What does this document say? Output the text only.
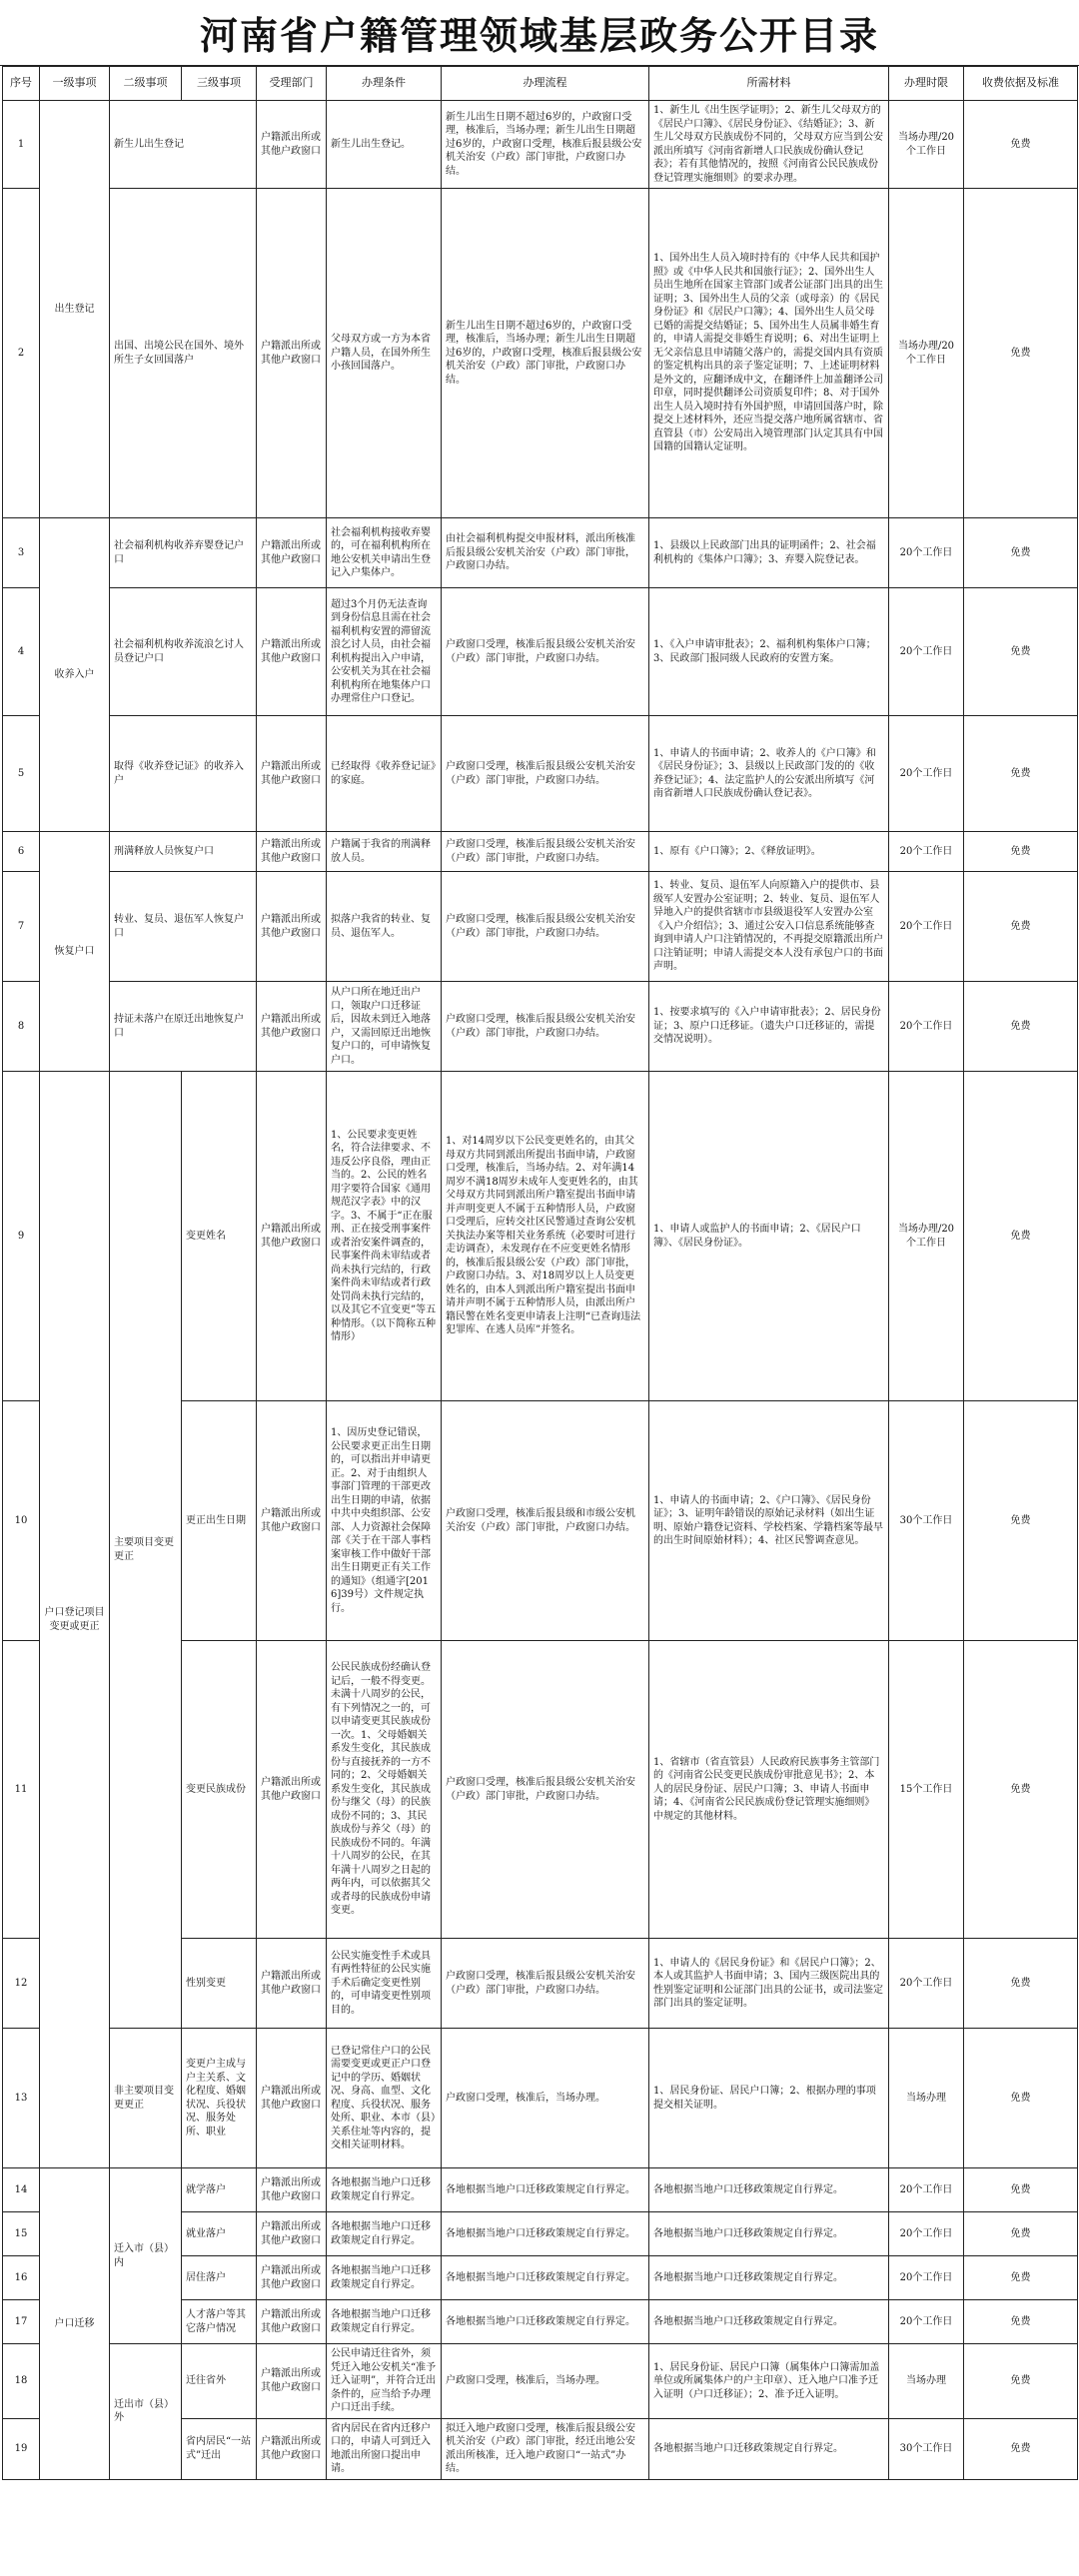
河南省户籍管理领域基层政务公开目录
序号	一级事项	二级事项	三级事项	受理部门	办理条件	办理流程	所需材料	办理时限	收费依据及标准
1	出生登记	新生儿出生登记		户籍派出所或其他户政窗口	新生儿出生登记。	新生儿出生日期不超过6岁的，户政窗口受理，核准后，当场办理；新生儿出生日期超过6岁的，户政窗口受理，核准后报县级公安机关治安（户政）部门审批，户政窗口办结。	1、新生儿《出生医学证明》；2、新生儿父母双方的《居民户口簿》、《居民身份证》、《结婚证》；3、新生儿父母双方民族成份不同的，父母双方应当到公安派出所填写《河南省新增人口民族成份确认登记表》；若有其他情况的，按照《河南省公民民族成份登记管理实施细则》的要求办理。	当场办理/20个工作日	免费
2		出国、出境公民在国外、境外所生子女回国落户		户籍派出所或其他户政窗口	父母双方或一方为本省户籍人员，在国外所生小孩回国落户。	新生儿出生日期不超过6岁的，户政窗口受理，核准后，当场办理；新生儿出生日期超过6岁的，户政窗口受理，核准后报县级公安机关治安（户政）部门审批，户政窗口办结。	1、国外出生人员入境时持有的《中华人民共和国护照》或《中华人民共和国旅行证》；2、国外出生人员出生地所在国家主管部门或者公证部门出具的出生证明；3、国外出生人员的父亲（或母亲）的《居民身份证》和《居民户口簿》；4、国外出生人员父母已婚的需提交结婚证；5、国外出生人员属非婚生育的，申请人需提交非婚生育说明；6、对出生证明上无父亲信息且申请随父落户的，需提交国内具有资质的鉴定机构出具的亲子鉴定证明；7、上述证明材料是外文的，应翻译成中文，在翻译件上加盖翻译公司印章，同时提供翻译公司资质复印件；8、对于国外出生人员入境时持有外国护照，申请回国落户时，除提交上述材料外，还应当提交落户地所属省辖市、省直管县（市）公安局出入境管理部门认定其具有中国国籍的国籍认定证明。	当场办理/20个工作日	免费
3	收养入户	社会福利机构收养弃婴登记户口		户籍派出所或其他户政窗口	社会福利机构接收弃婴的，可在福利机构所在地公安机关申请出生登记入户集体户。	由社会福利机构提交申报材料，派出所核准后报县级公安机关治安（户政）部门审批，户政窗口办结。	1、县级以上民政部门出具的证明函件；2、社会福利机构的《集体户口簿》；3、弃婴入院登记表。	20个工作日	免费
4		社会福利机构收养流浪乞讨人员登记户口		户籍派出所或其他户政窗口	超过3个月仍无法查询到身份信息且需在社会福利机构安置的滞留流浪乞讨人员，由社会福利机构提出入户申请，公安机关为其在社会福利机构所在地集体户口办理常住户口登记。	户政窗口受理，核准后报县级公安机关治安（户政）部门审批，户政窗口办结。	1、《入户申请审批表》；2、福利机构集体户口簿；3、民政部门报同级人民政府的安置方案。	20个工作日	免费
5		取得《收养登记证》的收养入户		户籍派出所或其他户政窗口	已经取得《收养登记证》的家庭。	户政窗口受理，核准后报县级公安机关治安（户政）部门审批，户政窗口办结。	1、申请人的书面申请；2、收养人的《户口簿》和《居民身份证》；3、县级以上民政部门发的的《收养登记证》；4、法定监护人的公安派出所填写《河南省新增人口民族成份确认登记表》。	20个工作日	免费
6	恢复户口	刑满释放人员恢复户口		户籍派出所或其他户政窗口	户籍属于我省的刑满释放人员。	户政窗口受理，核准后报县级公安机关治安（户政）部门审批，户政窗口办结。	1、原有《户口簿》；2、《释放证明》。	20个工作日	免费
7		转业、复员、退伍军人恢复户口		户籍派出所或其他户政窗口	拟落户我省的转业、复员、退伍军人。	户政窗口受理，核准后报县级公安机关治安（户政）部门审批，户政窗口办结。	1、转业、复员、退伍军人向原籍入户的提供市、县级军人安置办公室证明；2、转业、复员、退伍军人异地入户的提供省辖市市县级退役军人安置办公室《入户介绍信》；3、通过公安入口信息系统能够查询到申请人户口注销情况的，不再提交原籍派出所户口注销证明；申请人需提交本人没有承包户口的书面声明。	20个工作日	免费
8		持证未落户在原迁出地恢复户口		户籍派出所或其他户政窗口	从户口所在地迁出户口，领取户口迁移证后，因故未到迁入地落户，又需回原迁出地恢复户口的，可申请恢复户口。	户政窗口受理，核准后报县级公安机关治安（户政）部门审批，户政窗口办结。	1、按要求填写的《入户申请审批表》；2、居民身份证；3、原户口迁移证。（遗失户口迁移证的，需提交情况说明）。	20个工作日	免费
9	户口登记项目变更或更正	主要项目变更更正	变更姓名	户籍派出所或其他户政窗口	1、公民要求变更姓名，符合法律要求、不违反公序良俗，理由正当的。2、公民的姓名用字要符合国家《通用规范汉字表》中的汉字。3、不属于“正在服刑、正在接受刑事案件或者治安案件调查的，民事案件尚未审结或者尚未执行完结的，行政案件尚未审结或者行政处罚尚未执行完结的，以及其它不宜变更”等五种情形。（以下简称五种情形）	1、对14周岁以下公民变更姓名的，由其父母双方共同到派出所提出书面申请，户政窗口受理，核准后，当场办结。2、对年满14周岁不满18周岁未成年人变更姓名的，由其父母双方共同到派出所户籍室提出书面申请并声明变更人不属于五种情形人员，户政窗口受理后，应转交社区民警通过查询公安机关执法办案等相关业务系统（必要时可进行走访调查），未发现存在不应变更姓名情形的，核准后报县级公安（户政）部门审批，户政窗口办结。3、对18周岁以上人员变更姓名的，由本人到派出所户籍室提出书面申请并声明不属于五种情形人员，由派出所户籍民警在姓名变更申请表上注明“已查询违法犯罪库、在逃人员库”并签名。	1、申请人或监护人的书面申请；2、《居民户口簿》、《居民身份证》。	当场办理/20个工作日	免费
10			更正出生日期	户籍派出所或其他户政窗口	1、因历史登记错误，公民要求更正出生日期的，可以指出并申请更正。2、对于由组织人事部门管理的干部更改出生日期的申请，依据中共中央组织部、公安部、人力资源社会保障部《关于在干部人事档案审核工作中做好干部出生日期更正有关工作的通知》（组通字[2016]39号）文件规定执行。	户政窗口受理，核准后报县级和市级公安机关治安（户政）部门审批，户政窗口办结。	1、申请人的书面申请；2、《户口簿》、《居民身份证》；3、证明年龄错误的原始记录材料（如出生证明、原始户籍登记资料、学校档案、学籍档案等最早的出生时间原始材料）；4、社区民警调查意见。	30个工作日	免费
11			变更民族成份	户籍派出所或其他户政窗口	公民民族成份经确认登记后，一般不得变更。未满十八周岁的公民，有下列情况之一的，可以申请变更其民族成份一次。1、父母婚姻关系发生变化，其民族成份与直接抚养的一方不同的；2、父母婚姻关系发生变化，其民族成份与继父（母）的民族成份不同的；3、其民族成份与养父（母）的民族成份不同的。年满十八周岁的公民，在其年满十八周岁之日起的两年内，可以依据其父或者母的民族成份申请变更。	户政窗口受理，核准后报县级公安机关治安（户政）部门审批，户政窗口办结。	1、省辖市（省直管县）人民政府民族事务主管部门的《河南省公民变更民族成份审批意见书》；2、本人的居民身份证、居民户口簿；3、申请人书面申请；4、《河南省公民民族成份登记管理实施细则》中规定的其他材料。	15个工作日	免费
12			性别变更	户籍派出所或其他户政窗口	公民实施变性手术或具有两性特征的公民实施手术后确定变更性别的，可申请变更性别项目的。	户政窗口受理，核准后报县级公安机关治安（户政）部门审批，户政窗口办结。	1、申请人的《居民身份证》和《居民户口簿》；2、本人或其监护人书面申请；3、国内三级医院出具的性别鉴定证明和公证部门出具的公证书，或司法鉴定部门出具的鉴定证明。	20个工作日	免费
13		非主要项目变更更正	变更户主成与户主关系、文化程度、婚姻状况、兵役状况、服务处所、职业	户籍派出所或其他户政窗口	已登记常住户口的公民需要变更或更正户口登记中的学历、婚姻状况、身高、血型、文化程度、兵役状况、服务处所、职业、本市（县）关系住址等内容的，提交相关证明材料。	户政窗口受理，核准后，当场办理。	1、居民身份证、居民户口簿；2、根据办理的事项提交相关证明。	当场办理	免费
14	户口迁移	迁入市（县）内	就学落户	户籍派出所或其他户政窗口	各地根据当地户口迁移政策规定自行界定。	各地根据当地户口迁移政策规定自行界定。	各地根据当地户口迁移政策规定自行界定。	20个工作日	免费
15			就业落户	户籍派出所或其他户政窗口	各地根据当地户口迁移政策规定自行界定。	各地根据当地户口迁移政策规定自行界定。	各地根据当地户口迁移政策规定自行界定。	20个工作日	免费
16			居住落户	户籍派出所或其他户政窗口	各地根据当地户口迁移政策规定自行界定。	各地根据当地户口迁移政策规定自行界定。	各地根据当地户口迁移政策规定自行界定。	20个工作日	免费
17			人才落户等其它落户情况	户籍派出所或其他户政窗口	各地根据当地户口迁移政策规定自行界定。	各地根据当地户口迁移政策规定自行界定。	各地根据当地户口迁移政策规定自行界定。	20个工作日	免费
18		迁出市（县）外	迁往省外	户籍派出所或其他户政窗口	公民申请迁往省外，须凭迁入地公安机关“准予迁入证明”，并符合迁出条件的，应当给予办理户口迁出手续。	户政窗口受理，核准后，当场办理。	1、居民身份证、居民户口簿（属集体户口簿需加盖单位或所属集体户的户主印章）、迁入地户口准予迁入证明（户口迁移证）；2、准予迁入证明。	当场办理	免费
19			省内居民“一站式”迁出	户籍派出所或其他户政窗口	省内居民在省内迁移户口的，申请人可到迁入地派出所窗口提出申请。	拟迁入地户政窗口受理，核准后报县级公安机关治安（户政）部门审批，经迁出地公安派出所核准，迁入地户政窗口“一站式”办结。	各地根据当地户口迁移政策规定自行界定。	30个工作日	免费
